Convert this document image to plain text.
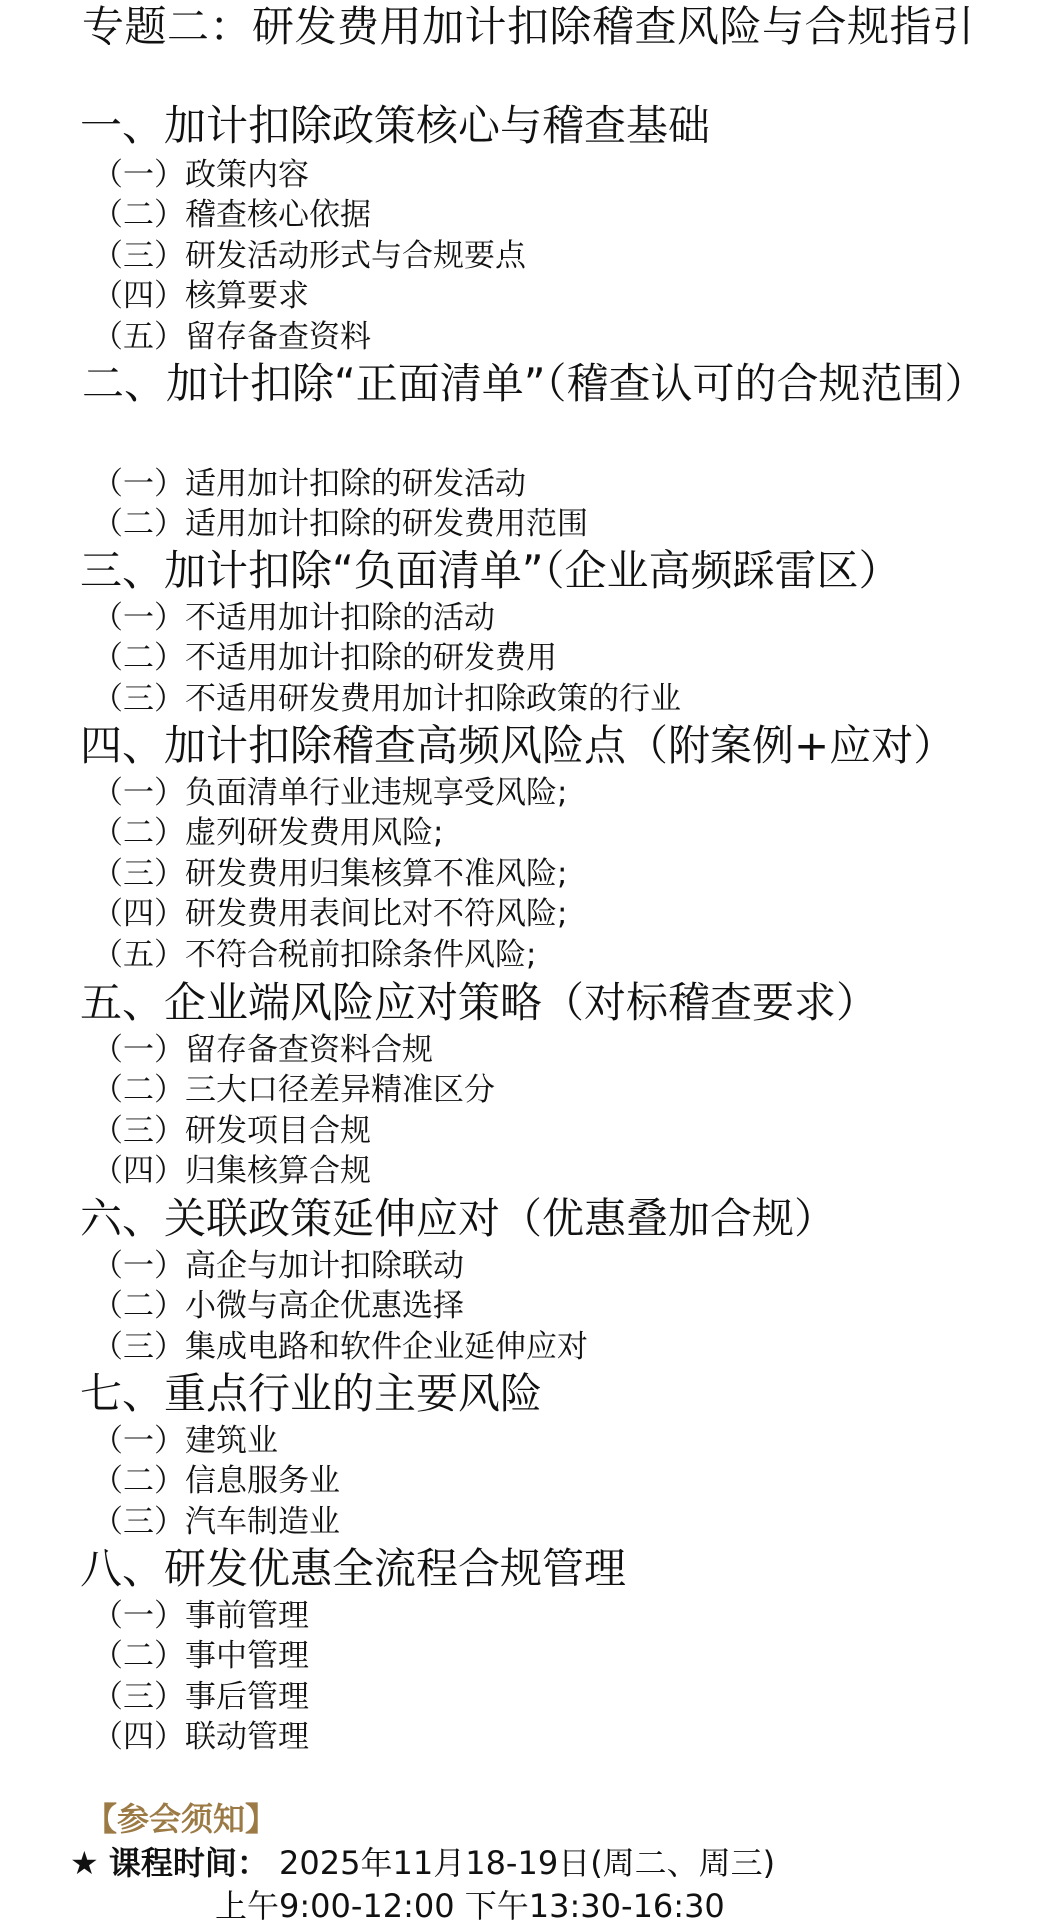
专题二：研发费用加计扣除稽查风险与合规指引
一、加计扣除政策核心与稽查基础
（一）政策内容
（二）稽查核心依据
（三）研发活动形式与合规要点
（四）核算要求
（五）留存备查资料
二、加计扣除“正面清单”（稽查认可的合规范围）
（一）适用加计扣除的研发活动
（二）适用加计扣除的研发费用范围
三、加计扣除“负面清单”（企业高频踩雷区）
（一）不适用加计扣除的活动
（二）不适用加计扣除的研发费用
（三）不适用研发费用加计扣除政策的行业
四、加计扣除稽查高频风险点（附案例+应对）
（一）负面清单行业违规享受风险;
（二）虚列研发费用风险;
（三）研发费用归集核算不准风险;
（四）研发费用表间比对不符风险;
（五）不符合税前扣除条件风险;
五、企业端风险应对策略（对标稽查要求）
（一）留存备查资料合规
（二）三大口径差异精准区分
（三）研发项目合规
（四）归集核算合规
六、关联政策延伸应对（优惠叠加合规）
（一）高企与加计扣除联动
（二）小微与高企优惠选择
（三）集成电路和软件企业延伸应对
七、重点行业的主要风险
（一）建筑业
（二）信息服务业
（三）汽车制造业
八、研发优惠全流程合规管理
（一）事前管理
（二）事中管理
（三）事后管理
（四）联动管理
【参会须知】
★ 课程时间： 2025年11月18-19日(周二、周三)
上午9:00-12:00 下午13:30-16:30
